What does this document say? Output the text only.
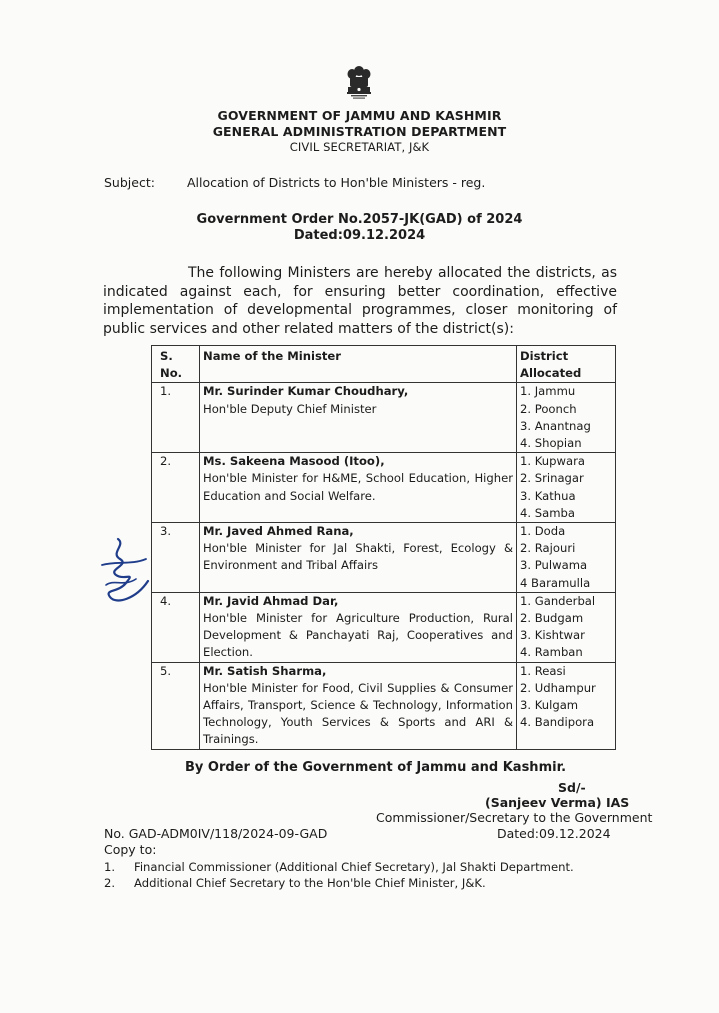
GOVERNMENT OF JAMMU AND KASHMIR
GENERAL ADMINISTRATION DEPARTMENT
CIVIL SECRETARIAT, J&K
Subject:	Allocation of Districts to Hon'ble Ministers - reg.
Government Order No.2057-JK(GAD) of 2024
Dated:09.12.2024
The following Ministers are hereby allocated the districts, as indicated against each, for ensuring better coordination, effective implementation of developmental programmes, closer monitoring of public services and other related matters of the district(s):
S.
No.	Name of the Minister	District
Allocated

1.	Mr. Surinder Kumar Choudhary,
Hon'ble Deputy Chief Minister	1. Jammu
2. Poonch
3. Anantnag
4. Shopian

2.	Ms. Sakeena Masood (Itoo),
Hon'ble Minister for H&ME, School Education, Higher Education and Social Welfare.	1. Kupwara
2. Srinagar
3. Kathua
4. Samba

3.	Mr. Javed Ahmed Rana,
Hon'ble Minister for Jal Shakti, Forest, Ecology & Environment and Tribal Affairs	1. Doda
2. Rajouri
3. Pulwama
4 Baramulla

4.	Mr. Javid Ahmad Dar,
Hon'ble Minister for Agriculture Production, Rural Development & Panchayati Raj, Cooperatives and Election.	1. Ganderbal
2. Budgam
3. Kishtwar
4. Ramban

5.	Mr. Satish Sharma,
Hon'ble Minister for Food, Civil Supplies & Consumer Affairs, Transport, Science & Technology, Information Technology, Youth Services & Sports and ARI & Trainings.	1. Reasi
2. Udhampur
3. Kulgam
4. Bandipora
By Order of the Government of Jammu and Kashmir.
Sd/-
(Sanjeev Verma) IAS
Commissioner/Secretary to the Government
No. GAD-ADM0IV/118/2024-09-GAD	Dated:09.12.2024
Copy to:
1. Financial Commissioner (Additional Chief Secretary), Jal Shakti Department.
2. Additional Chief Secretary to the Hon'ble Chief Minister, J&K.
